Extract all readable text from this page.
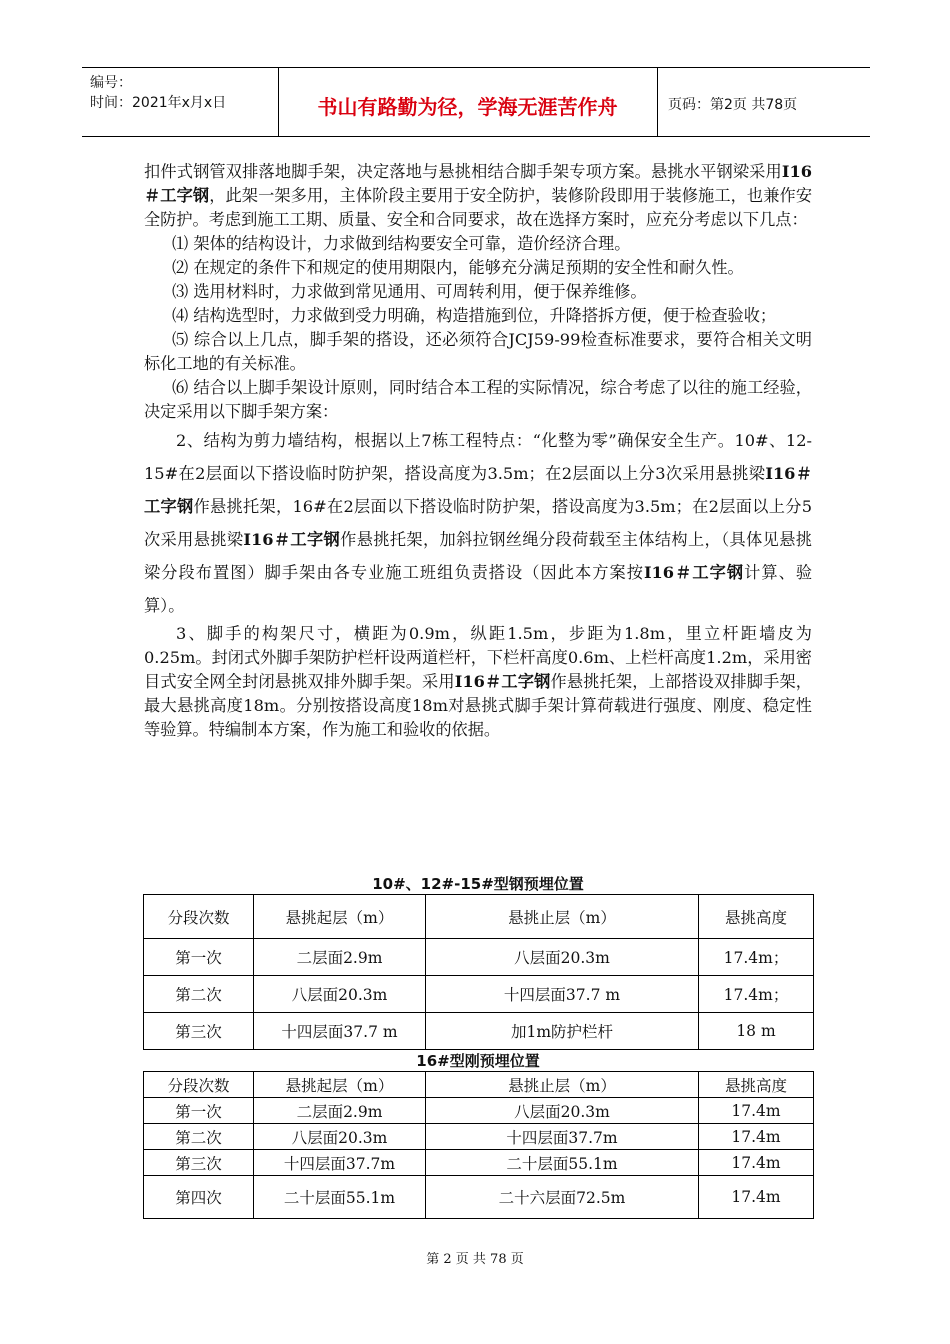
编号：
时间：2021年x月x日	书山有路勤为径，学海无涯苦作舟	页码：第2页 共78页

扣件式钢管双排落地脚手架，决定落地与悬挑相结合脚手架专项方案。悬挑水平钢梁采用I16＃工字钢，此架一架多用，主体阶段主要用于安全防护，装修阶段即用于装修施工，也兼作安全防护。考虑到施工工期、质量、安全和合同要求，故在选择方案时，应充分考虑以下几点：

⑴ 架体的结构设计，力求做到结构要安全可靠，造价经济合理。

⑵ 在规定的条件下和规定的使用期限内，能够充分满足预期的安全性和耐久性。

⑶ 选用材料时，力求做到常见通用、可周转利用，便于保养维修。

⑷ 结构选型时，力求做到受力明确，构造措施到位，升降搭拆方便，便于检查验收；

⑸ 综合以上几点，脚手架的搭设，还必须符合JCJ59-99检查标准要求，要符合相关文明标化工地的有关标准。

⑹ 结合以上脚手架设计原则，同时结合本工程的实际情况，综合考虑了以往的施工经验，决定采用以下脚手架方案：

2、结构为剪力墙结构，根据以上7栋工程特点：“化整为零”确保安全生产。10#、12-15#在2层面以下搭设临时防护架，搭设高度为3.5m；在2层面以上分3次采用悬挑梁I16＃工字钢作悬挑托架，16#在2层面以下搭设临时防护架，搭设高度为3.5m；在2层面以上分5次采用悬挑梁I16＃工字钢作悬挑托架，加斜拉钢丝绳分段荷载至主体结构上，（具体见悬挑梁分段布置图）脚手架由各专业施工班组负责搭设（因此本方案按I16＃工字钢计算、验算）。

3、脚手的构架尺寸，横距为0.9m，纵距1.5m，步距为1.8m，里立杆距墙皮为0.25m。封闭式外脚手架防护栏杆设两道栏杆，下栏杆高度0.6m、上栏杆高度1.2m，采用密目式安全网全封闭悬挑双排外脚手架。采用I16＃工字钢作悬挑托架，上部搭设双排脚手架，最大悬挑高度18m。分别按搭设高度18m对悬挑式脚手架计算荷载进行强度、刚度、稳定性等验算。特编制本方案，作为施工和验收的依据。

10#、12#-15#型钢预埋位置
分段次数	悬挑起层（m）	悬挑止层（m）	悬挑高度
第一次	二层面2.9m	八层面20.3m	17.4m；
第二次	八层面20.3m	十四层面37.7 m	17.4m；
第三次	十四层面37.7 m	加1m防护栏杆	18 m
16#型刚预埋位置
分段次数	悬挑起层（m）	悬挑止层（m）	悬挑高度
第一次	二层面2.9m	八层面20.3m	17.4m
第二次	八层面20.3m	十四层面37.7m	17.4m
第三次	十四层面37.7m	二十层面55.1m	17.4m
第四次	二十层面55.1m	二十六层面72.5m	17.4m
第 2 页 共 78 页
